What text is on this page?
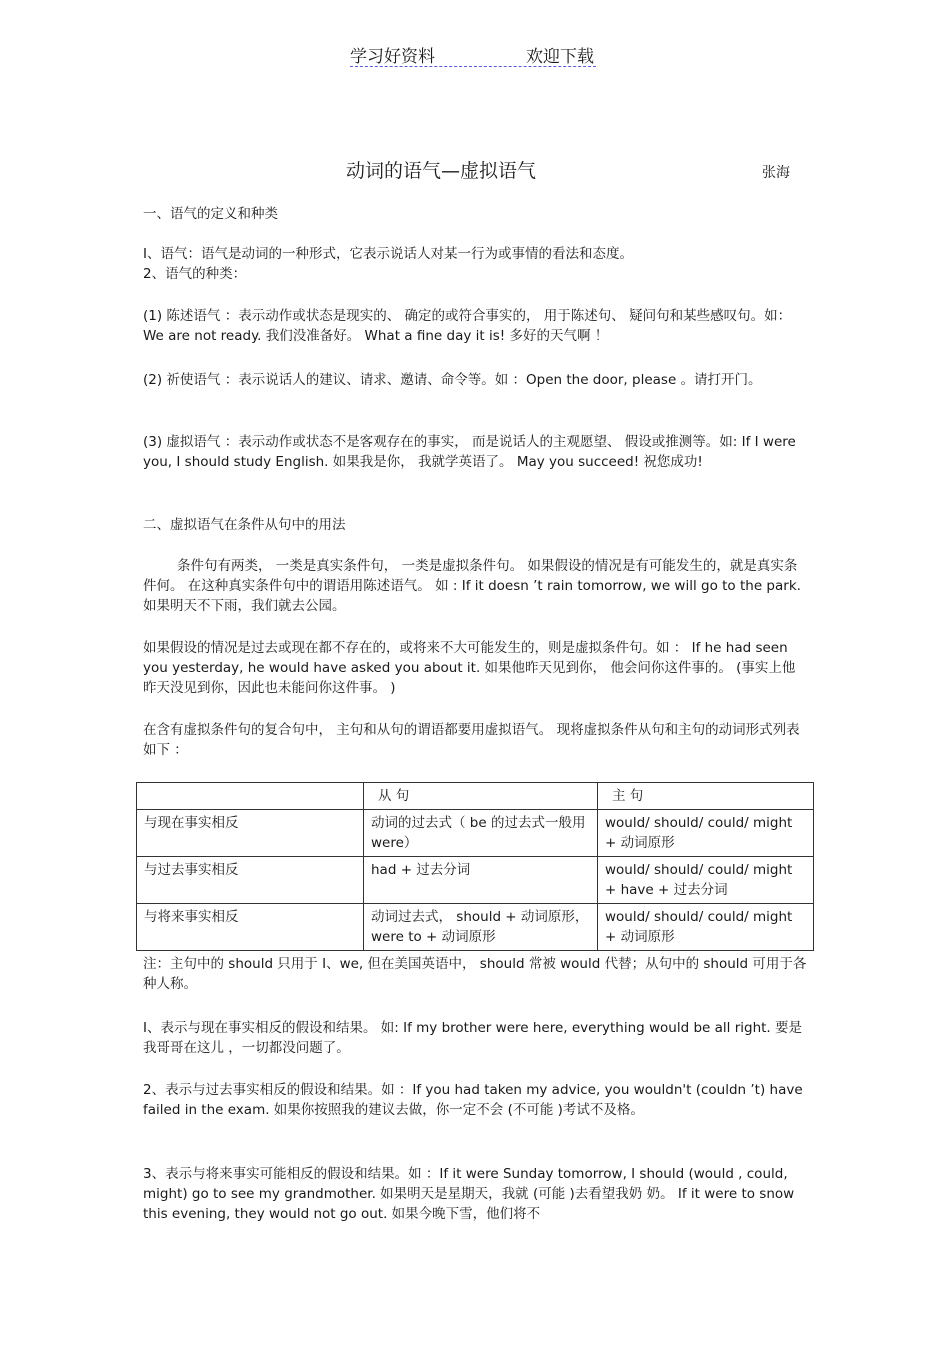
学习好资料	欢迎下载
动词的语气—虚拟语气	张海
一、语气的定义和种类

I、语气：语气是动词的一种形式，它表示说话人对某一行为或事情的看法和态度。

2、语气的种类：

(1) 陈述语气 ：表示动作或状态是现实的、 确定的或符合事实的， 用于陈述句、 疑问句和某些感叹句。如： We are not ready. 我们没准备好。 What a fine day it is! 多好的天气啊 ！

(2) 祈使语气 ：表示说话人的建议、请求、邀请、命令等。如 ：Open the door, please 。请打开门。

(3) 虚拟语气 ：表示动作或状态不是客观存在的事实， 而是说话人的主观愿望、 假设或推测等。如: If I were you, I should study English. 如果我是你， 我就学英语了。 May you succeed! 祝您成功!

二、虚拟语气在条件从句中的用法

条件句有两类， 一类是真实条件句， 一类是虚拟条件句。 如果假设的情况是有可能发生的，就是真实条件何。 在这种真实条件句中的谓语用陈述语气。 如 : If it doesn ’t rain tomorrow, we will go to the park. 如果明天不下雨，我们就去公园。

如果假设的情况是过去或现在都不存在的，或将来不大可能发生的，则是虚拟条件句。如 ： If he had seen you yesterday, he would have asked you about it. 如果他昨天见到你， 他会问你这件事的。 (事实上他昨天没见到你，因此也未能问你这件事。 )

在含有虚拟条件句的复合句中， 主句和从句的谓语都要用虚拟语气。 现将虚拟条件从句和主句的动词形式列表如下 ：

	从 句	主 句
与现在事实相反	动词的过去式（ be 的过去式一般用 were）	would/ should/ could/ might + 动词原形
与过去事实相反	had + 过去分词	would/ should/ could/ might + have + 过去分词
与将来事实相反	动词过去式， should + 动词原形， were to + 动词原形	would/ should/ could/ might + 动词原形

注：主句中的 should 只用于 I、we, 但在美国英语中， should 常被 would 代替；从句中的 should 可用于各种人称。

I、表示与现在事实相反的假设和结果。 如: If my brother were here, everything would be all right. 要是我哥哥在这儿 ，一切都没问题了。

2、表示与过去事实相反的假设和结果。如 ：If you had taken my advice, you wouldn't (couldn ’t) have failed in the exam. 如果你按照我的建议去做，你一定不会 (不可能 )考试不及格。

3、表示与将来事实可能相反的假设和结果。如 ：If it were Sunday tomorrow, I should (would , could, might) go to see my grandmother. 如果明天是星期天，我就 (可能 )去看望我奶 奶。 If it were to snow this evening, they would not go out. 如果今晚下雪，他们将不
